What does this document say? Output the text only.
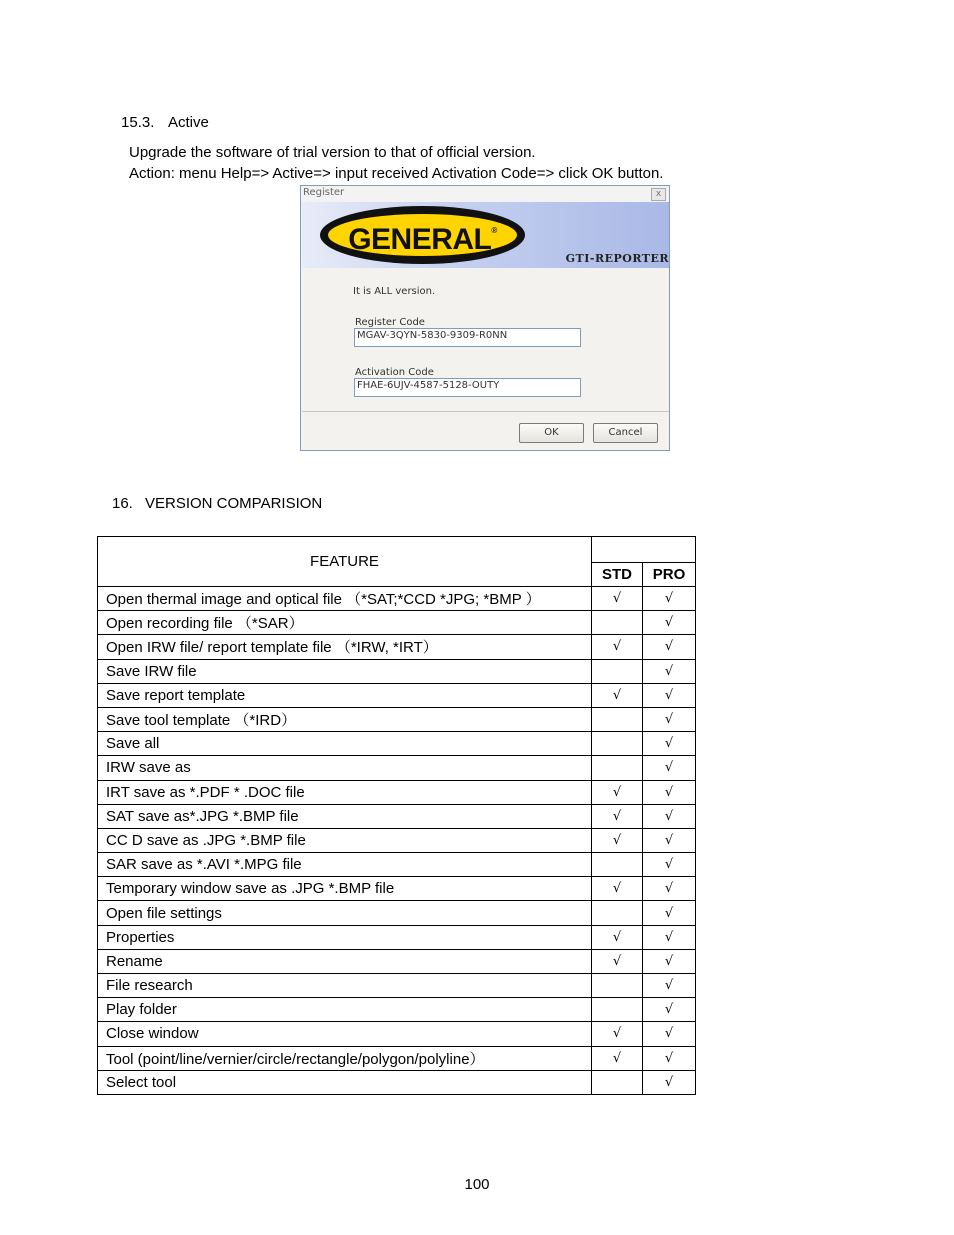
15.3. Active
Upgrade the software of trial version to that of official version.
Action: menu Help=> Active=> input received Activation Code=> click OK button.
Register	x
GENERAL®
GTI-REPORTER
It is ALL version.
Register Code
MGAV-3QYN-5830-9309-R0NN
Activation Code
FHAE-6UJV-4587-5128-OUTY
OK	Cancel
16. VERSION COMPARISION
FEATURE		
	STD	PRO
Open thermal image and optical file （*SAT;*CCD *JPG; *BMP ）	√	√
Open recording file （*SAR）		√
Open IRW file/ report template file （*IRW, *IRT）	√	√
Save IRW file		√
Save report template	√	√
Save tool template （*IRD）		√
Save all		√
IRW save as		√
IRT save as *.PDF * .DOC file	√	√
SAT save as*.JPG *.BMP file	√	√
CC D save as .JPG *.BMP file	√	√
SAR save as *.AVI *.MPG file		√
Temporary window save as .JPG *.BMP file	√	√
Open file settings		√
Properties	√	√
Rename	√	√
File research		√
Play folder		√
Close window	√	√
Tool (point/line/vernier/circle/rectangle/polygon/polyline）	√	√
Select tool		√
100
